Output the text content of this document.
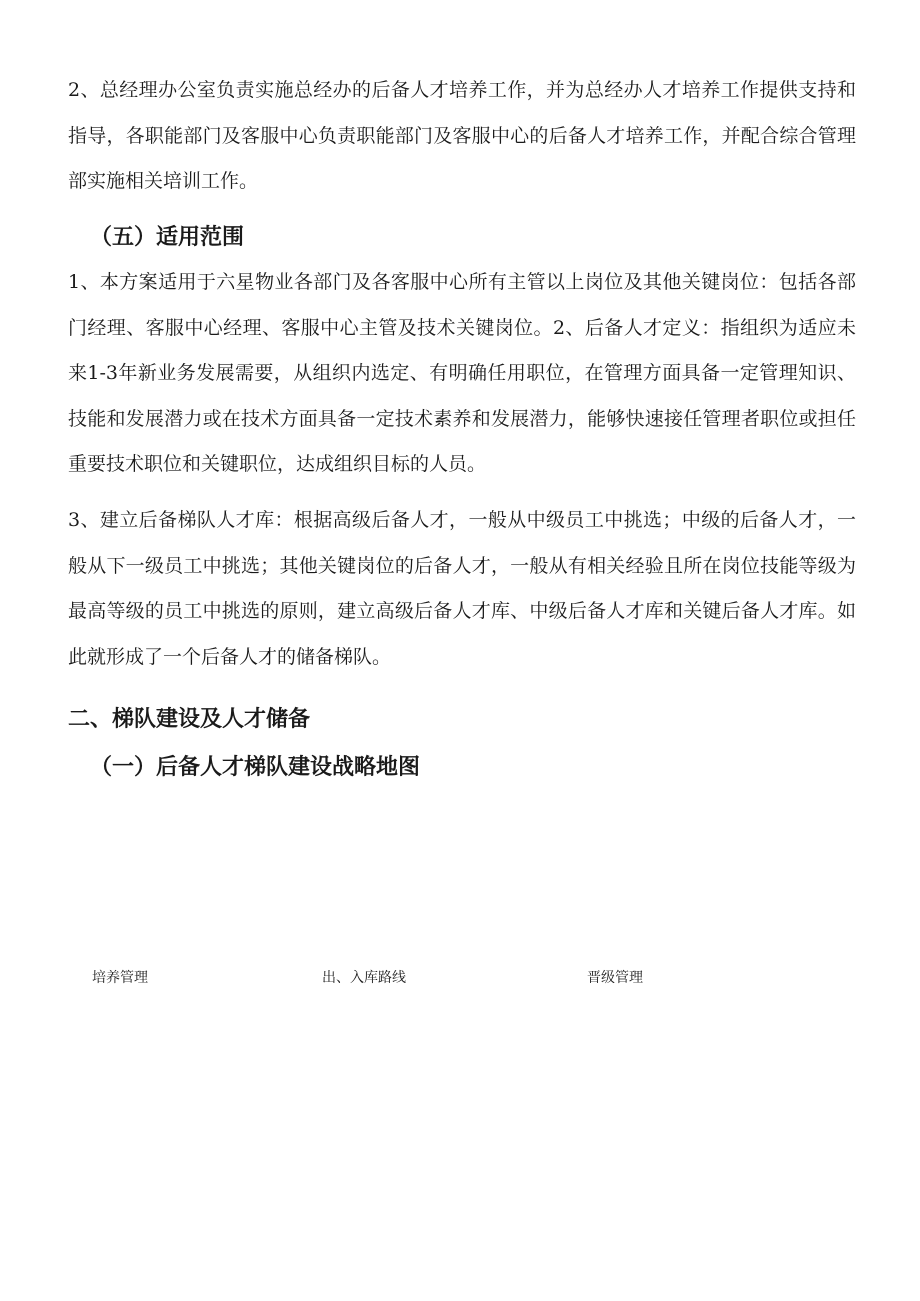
2、总经理办公室负责实施总经办的后备人才培养工作，并为总经办人才培养工作提供支持和指导，各职能部门及客服中心负责职能部门及客服中心的后备人才培养工作，并配合综合管理部实施相关培训工作。

（五）适用范围

1、本方案适用于六星物业各部门及各客服中心所有主管以上岗位及其他关键岗位：包括各部门经理、客服中心经理、客服中心主管及技术关键岗位。2、后备人才定义：指组织为适应未来1-3年新业务发展需要，从组织内选定、有明确任用职位，在管理方面具备一定管理知识、技能和发展潜力或在技术方面具备一定技术素养和发展潜力，能够快速接任管理者职位或担任重要技术职位和关键职位，达成组织目标的人员。

3、建立后备梯队人才库：根据高级后备人才，一般从中级员工中挑选；中级的后备人才，一般从下一级员工中挑选；其他关键岗位的后备人才，一般从有相关经验且所在岗位技能等级为最高等级的员工中挑选的原则，建立高级后备人才库、中级后备人才库和关键后备人才库。如此就形成了一个后备人才的储备梯队。

二、梯队建设及人才储备
（一）后备人才梯队建设战略地图
培养管理	出、入库路线	晋级管理
